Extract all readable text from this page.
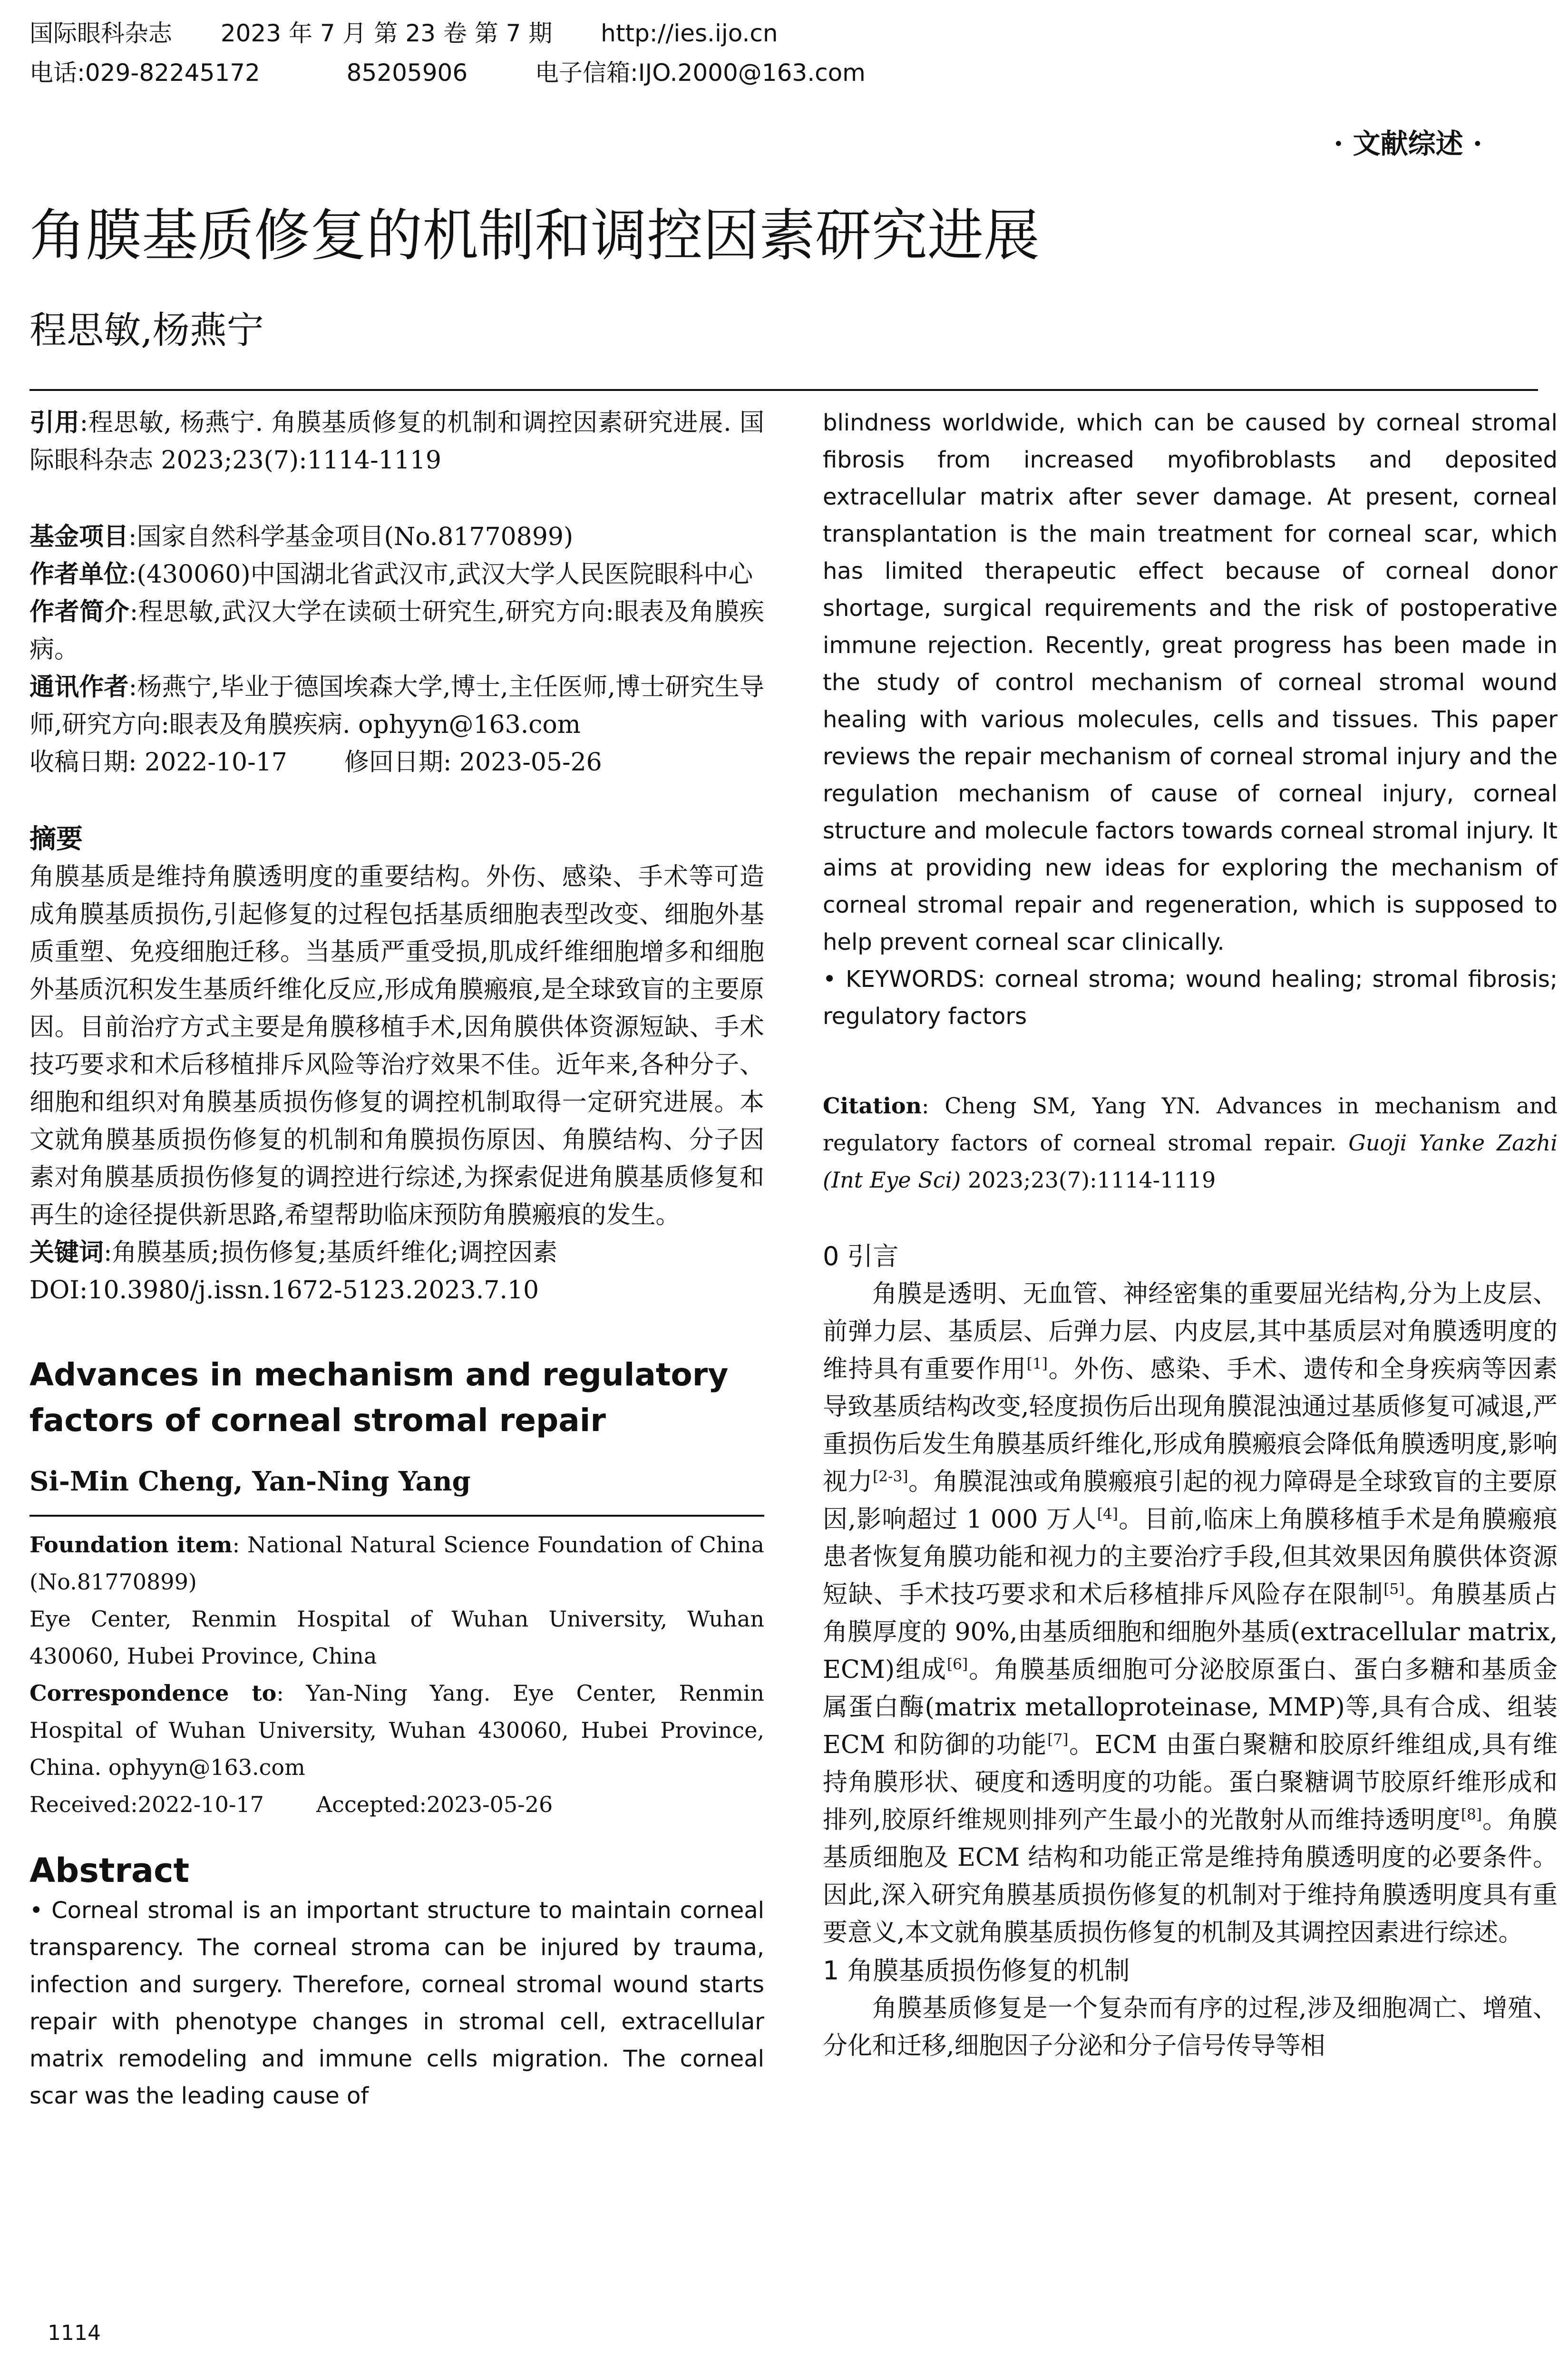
国际眼科杂志 2023 年 7 月 第 23 卷 第 7 期 http://ies.ijo.cn
电话:029-82245172	85205906	电子信箱:IJO.2000@163.com
· 文献综述 ·
角膜基质修复的机制和调控因素研究进展
程思敏,杨燕宁

引用:程思敏, 杨燕宁. 角膜基质修复的机制和调控因素研究进展. 国际眼科杂志 2023;23(7):1114-1119

基金项目:国家自然科学基金项目(No.81770899)

作者单位:(430060)中国湖北省武汉市,武汉大学人民医院眼科中心

作者简介:程思敏,武汉大学在读硕士研究生,研究方向:眼表及角膜疾病。

通讯作者:杨燕宁,毕业于德国埃森大学,博士,主任医师,博士研究生导师,研究方向:眼表及角膜疾病. ophyyn@163.com

收稿日期: 2022-10-17 修回日期: 2023-05-26

摘要

角膜基质是维持角膜透明度的重要结构。外伤、感染、手术等可造成角膜基质损伤,引起修复的过程包括基质细胞表型改变、细胞外基质重塑、免疫细胞迁移。当基质严重受损,肌成纤维细胞增多和细胞外基质沉积发生基质纤维化反应,形成角膜瘢痕,是全球致盲的主要原因。目前治疗方式主要是角膜移植手术,因角膜供体资源短缺、手术技巧要求和术后移植排斥风险等治疗效果不佳。近年来,各种分子、细胞和组织对角膜基质损伤修复的调控机制取得一定研究进展。本文就角膜基质损伤修复的机制和角膜损伤原因、角膜结构、分子因素对角膜基质损伤修复的调控进行综述,为探索促进角膜基质修复和再生的途径提供新思路,希望帮助临床预防角膜瘢痕的发生。

关键词:角膜基质;损伤修复;基质纤维化;调控因素

DOI:10.3980/j.issn.1672-5123.2023.7.10

Advances in mechanism and regulatory factors of corneal stromal repair

Si-Min Cheng, Yan-Ning Yang

Foundation item: National Natural Science Foundation of China (No.81770899)

Eye Center, Renmin Hospital of Wuhan University, Wuhan 430060, Hubei Province, China

Correspondence to: Yan-Ning Yang. Eye Center, Renmin Hospital of Wuhan University, Wuhan 430060, Hubei Province, China. ophyyn@163.com

Received:2022-10-17 Accepted:2023-05-26

Abstract

• Corneal stromal is an important structure to maintain corneal transparency. The corneal stroma can be injured by trauma, infection and surgery. Therefore, corneal stromal wound starts repair with phenotype changes in stromal cell, extracellular matrix remodeling and immune cells migration. The corneal scar was the leading cause of

1114

blindness worldwide, which can be caused by corneal stromal fibrosis from increased myofibroblasts and deposited extracellular matrix after sever damage. At present, corneal transplantation is the main treatment for corneal scar, which has limited therapeutic effect because of corneal donor shortage, surgical requirements and the risk of postoperative immune rejection. Recently, great progress has been made in the study of control mechanism of corneal stromal wound healing with various molecules, cells and tissues. This paper reviews the repair mechanism of corneal stromal injury and the regulation mechanism of cause of corneal injury, corneal structure and molecule factors towards corneal stromal injury. It aims at providing new ideas for exploring the mechanism of corneal stromal repair and regeneration, which is supposed to help prevent corneal scar clinically.

• KEYWORDS: corneal stroma; wound healing; stromal fibrosis; regulatory factors

Citation: Cheng SM, Yang YN. Advances in mechanism and regulatory factors of corneal stromal repair. Guoji Yanke Zazhi (Int Eye Sci) 2023;23(7):1114-1119

0 引言

角膜是透明、无血管、神经密集的重要屈光结构,分为上皮层、前弹力层、基质层、后弹力层、内皮层,其中基质层对角膜透明度的维持具有重要作用[1]。外伤、感染、手术、遗传和全身疾病等因素导致基质结构改变,轻度损伤后出现角膜混浊通过基质修复可减退,严重损伤后发生角膜基质纤维化,形成角膜瘢痕会降低角膜透明度,影响视力[2-3]。角膜混浊或角膜瘢痕引起的视力障碍是全球致盲的主要原因,影响超过 1 000 万人[4]。目前,临床上角膜移植手术是角膜瘢痕患者恢复角膜功能和视力的主要治疗手段,但其效果因角膜供体资源短缺、手术技巧要求和术后移植排斥风险存在限制[5]。角膜基质占角膜厚度的 90%,由基质细胞和细胞外基质(extracellular matrix, ECM)组成[6]。角膜基质细胞可分泌胶原蛋白、蛋白多糖和基质金属蛋白酶(matrix metalloproteinase, MMP)等,具有合成、组装 ECM 和防御的功能[7]。ECM 由蛋白聚糖和胶原纤维组成,具有维持角膜形状、硬度和透明度的功能。蛋白聚糖调节胶原纤维形成和排列,胶原纤维规则排列产生最小的光散射从而维持透明度[8]。角膜基质细胞及 ECM 结构和功能正常是维持角膜透明度的必要条件。因此,深入研究角膜基质损伤修复的机制对于维持角膜透明度具有重要意义,本文就角膜基质损伤修复的机制及其调控因素进行综述。

1 角膜基质损伤修复的机制

角膜基质修复是一个复杂而有序的过程,涉及细胞凋亡、增殖、分化和迁移,细胞因子分泌和分子信号传导等相
